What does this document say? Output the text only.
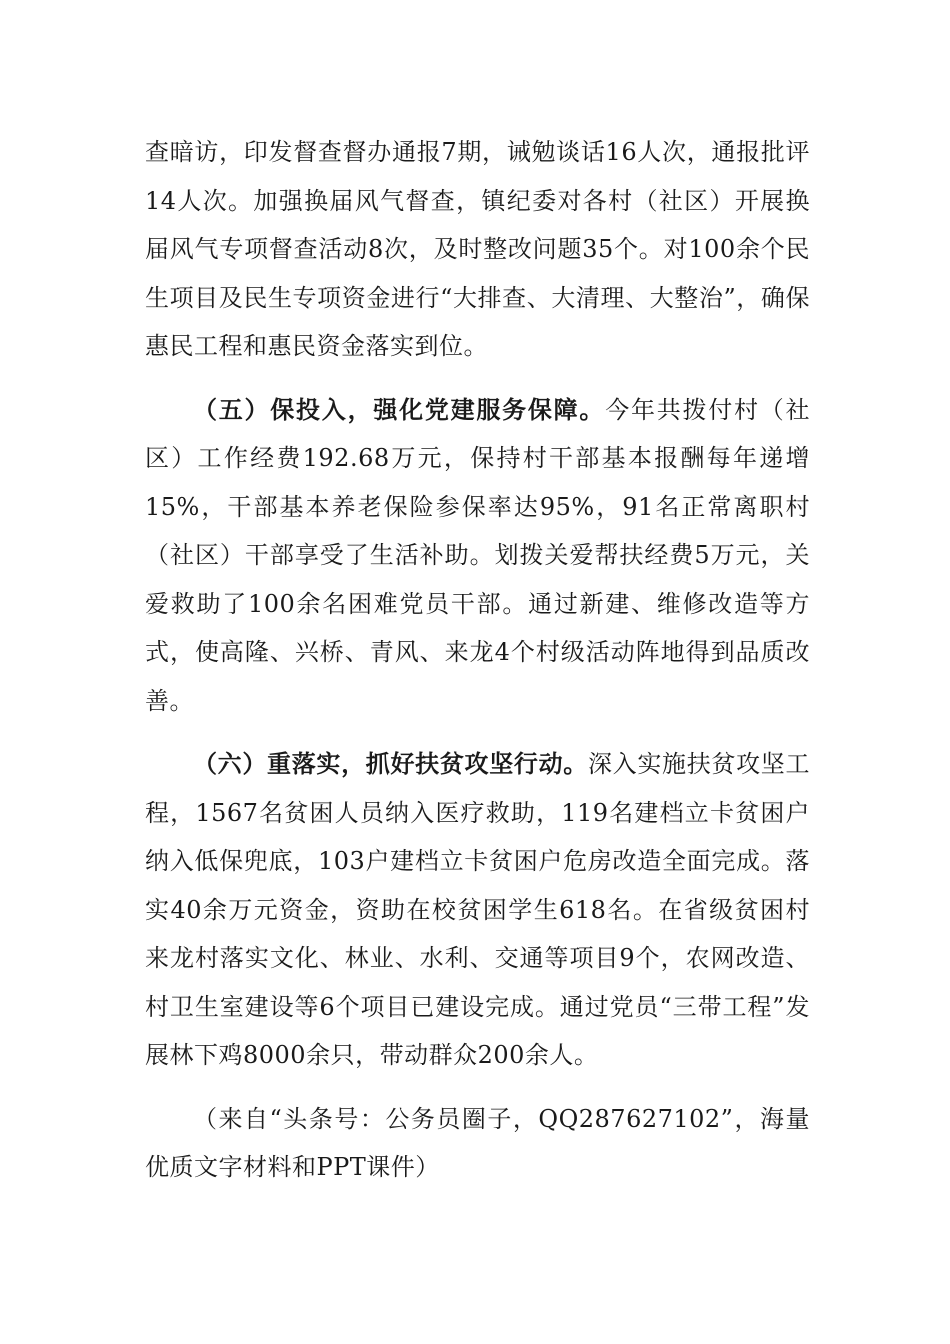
查暗访，印发督查督办通报7期，诫勉谈话16人次，通报批评14人次。加强换届风气督查，镇纪委对各村（社区）开展换届风气专项督查活动8次，及时整改问题35个。对100余个民生项目及民生专项资金进行“大排查、大清理、大整治”，确保惠民工程和惠民资金落实到位。

（五）保投入，强化党建服务保障。今年共拨付村（社区）工作经费192.68万元，保持村干部基本报酬每年递增15%，干部基本养老保险参保率达95%，91名正常离职村（社区）干部享受了生活补助。划拨关爱帮扶经费5万元，关爱救助了100余名困难党员干部。通过新建、维修改造等方式，使高隆、兴桥、青风、来龙4个村级活动阵地得到品质改善。

（六）重落实，抓好扶贫攻坚行动。深入实施扶贫攻坚工程，1567名贫困人员纳入医疗救助，119名建档立卡贫困户纳入低保兜底，103户建档立卡贫困户危房改造全面完成。落实40余万元资金，资助在校贫困学生618名。在省级贫困村来龙村落实文化、林业、水利、交通等项目9个，农网改造、村卫生室建设等6个项目已建设完成。通过党员“三带工程”发展林下鸡8000余只，带动群众200余人。

（来自“头条号：公务员圈子，QQ287627102”，海量优质文字材料和PPT课件）
